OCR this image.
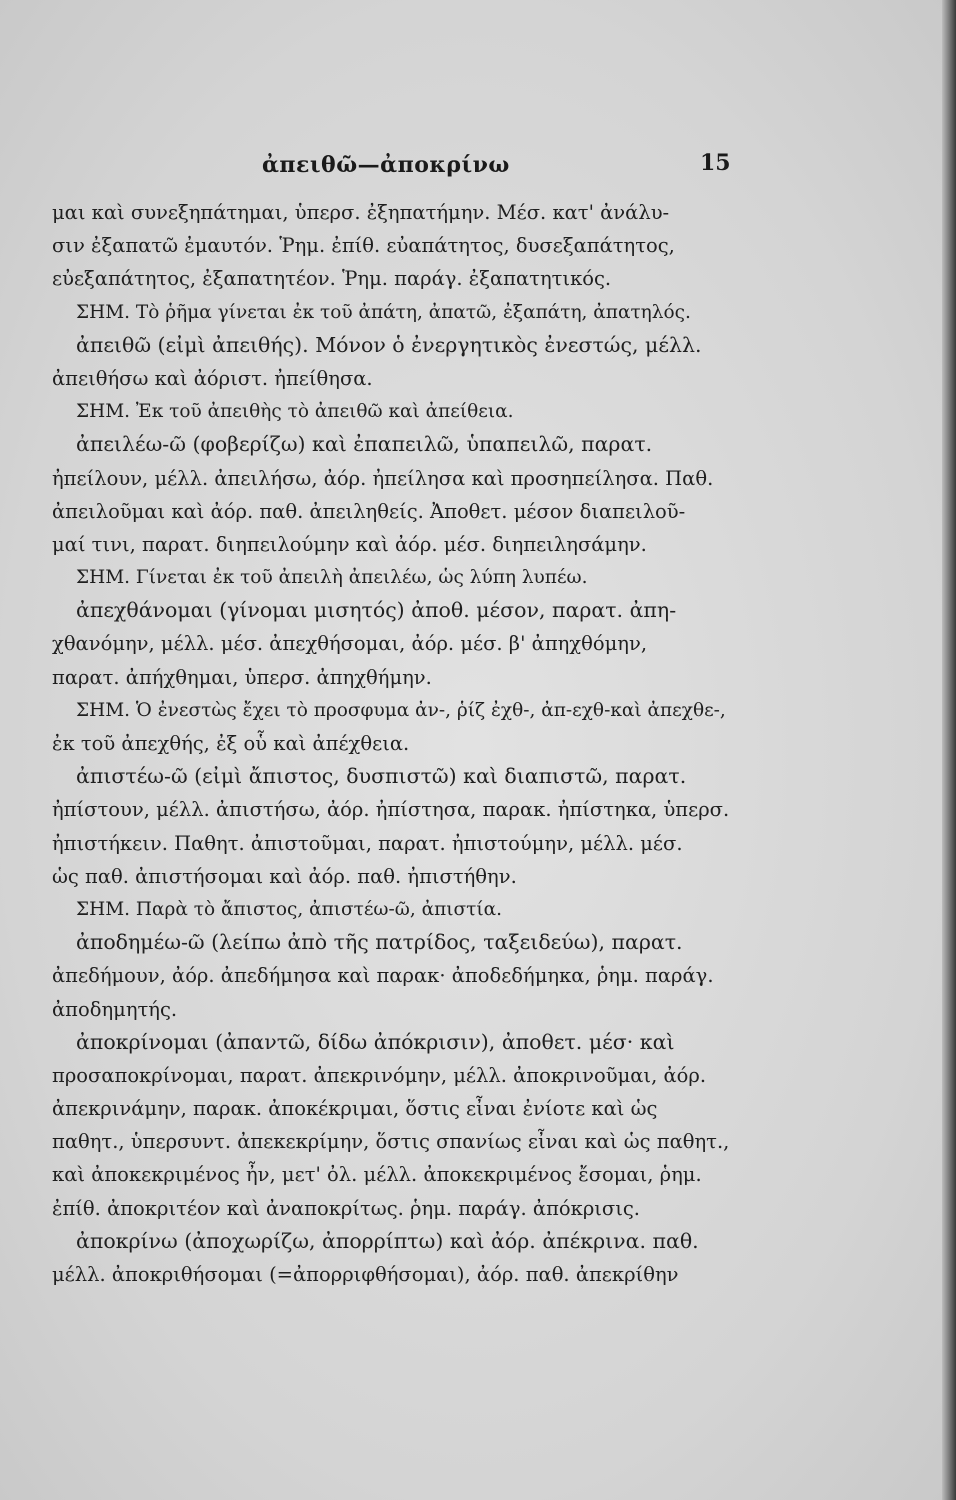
ἀπειθῶ—ἀποκρίνω	15
μαι καὶ συνεξηπάτημαι, ὑπερσ. ἐξηπατήμην. Μέσ. κατ' ἀνάλυ-
σιν ἐξαπατῶ ἐμαυτόν. Ῥημ. ἐπίθ. εὐαπάτητος, δυσεξαπάτητος,
εὐεξαπάτητος, ἐξαπατητέον. Ῥημ. παράγ. ἐξαπατητικός.
ΣΗΜ. Τὸ ῥῆμα γίνεται ἐκ τοῦ ἀπάτη, ἀπατῶ, ἐξαπάτη, ἀπατηλός.
ἀπειθῶ (εἰμὶ ἀπειθής). Μόνον ὁ ἐνεργητικὸς ἐνεστώς, μέλλ.
ἀπειθήσω καὶ ἀόριστ. ἠπείθησα.
ΣΗΜ. Ἐκ τοῦ ἀπειθὴς τὸ ἀπειθῶ καὶ ἀπείθεια.
ἀπειλέω-ῶ (φοβερίζω) καὶ ἐπαπειλῶ, ὑπαπειλῶ, παρατ.
ἠπείλουν, μέλλ. ἀπειλήσω, ἀόρ. ἠπείλησα καὶ προσηπείλησα. Παθ.
ἀπειλοῦμαι καὶ ἀόρ. παθ. ἀπειληθείς. Ἀποθετ. μέσον διαπειλοῦ-
μαί τινι, παρατ. διηπειλούμην καὶ ἀόρ. μέσ. διηπειλησάμην.
ΣΗΜ. Γίνεται ἐκ τοῦ ἀπειλὴ ἀπειλέω, ὡς λύπη λυπέω.
ἀπεχθάνομαι (γίνομαι μισητός) ἀποθ. μέσον, παρατ. ἀπη-
χθανόμην, μέλλ. μέσ. ἀπεχθήσομαι, ἀόρ. μέσ. β' ἀπηχθόμην,
παρατ. ἀπήχθημαι, ὑπερσ. ἀπηχθήμην.
ΣΗΜ. Ὁ ἐνεστὼς ἔχει τὸ προσφυμα ἀν-, ῥίζ ἐχθ-, ἀπ-εχθ-καὶ ἀπεχθε-,
ἐκ τοῦ ἀπεχθής, ἐξ οὗ καὶ ἀπέχθεια.
ἀπιστέω-ῶ (εἰμὶ ἄπιστος, δυσπιστῶ) καὶ διαπιστῶ, παρατ.
ἠπίστουν, μέλλ. ἀπιστήσω, ἀόρ. ἠπίστησα, παρακ. ἠπίστηκα, ὑπερσ.
ἠπιστήκειν. Παθητ. ἀπιστοῦμαι, παρατ. ἠπιστούμην, μέλλ. μέσ.
ὡς παθ. ἀπιστήσομαι καὶ ἀόρ. παθ. ἠπιστήθην.
ΣΗΜ. Παρὰ τὸ ἄπιστος, ἀπιστέω-ῶ, ἀπιστία.
ἀποδημέω-ῶ (λείπω ἀπὸ τῆς πατρίδος, ταξειδεύω), παρατ.
ἀπεδήμουν, ἀόρ. ἀπεδήμησα καὶ παρακ· ἀποδεδήμηκα, ῥημ. παράγ.
ἀποδημητής.
ἀποκρίνομαι (ἀπαντῶ, δίδω ἀπόκρισιν), ἀποθετ. μέσ· καὶ
προσαποκρίνομαι, παρατ. ἀπεκρινόμην, μέλλ. ἀποκρινοῦμαι, ἀόρ.
ἀπεκρινάμην, παρακ. ἀποκέκριμαι, ὅστις εἶναι ἐνίοτε καὶ ὡς
παθητ., ὑπερσυντ. ἀπεκεκρίμην, ὅστις σπανίως εἶναι καὶ ὡς παθητ.,
καὶ ἀποκεκριμένος ἦν, μετ' ὀλ. μέλλ. ἀποκεκριμένος ἔσομαι, ῥημ.
ἐπίθ. ἀποκριτέον καὶ ἀναποκρίτως. ῥημ. παράγ. ἀπόκρισις.
ἀποκρίνω (ἀποχωρίζω, ἀπορρίπτω) καὶ ἀόρ. ἀπέκρινα. παθ.
μέλλ. ἀποκριθήσομαι (=ἀπορριφθήσομαι), ἀόρ. παθ. ἀπεκρίθην
